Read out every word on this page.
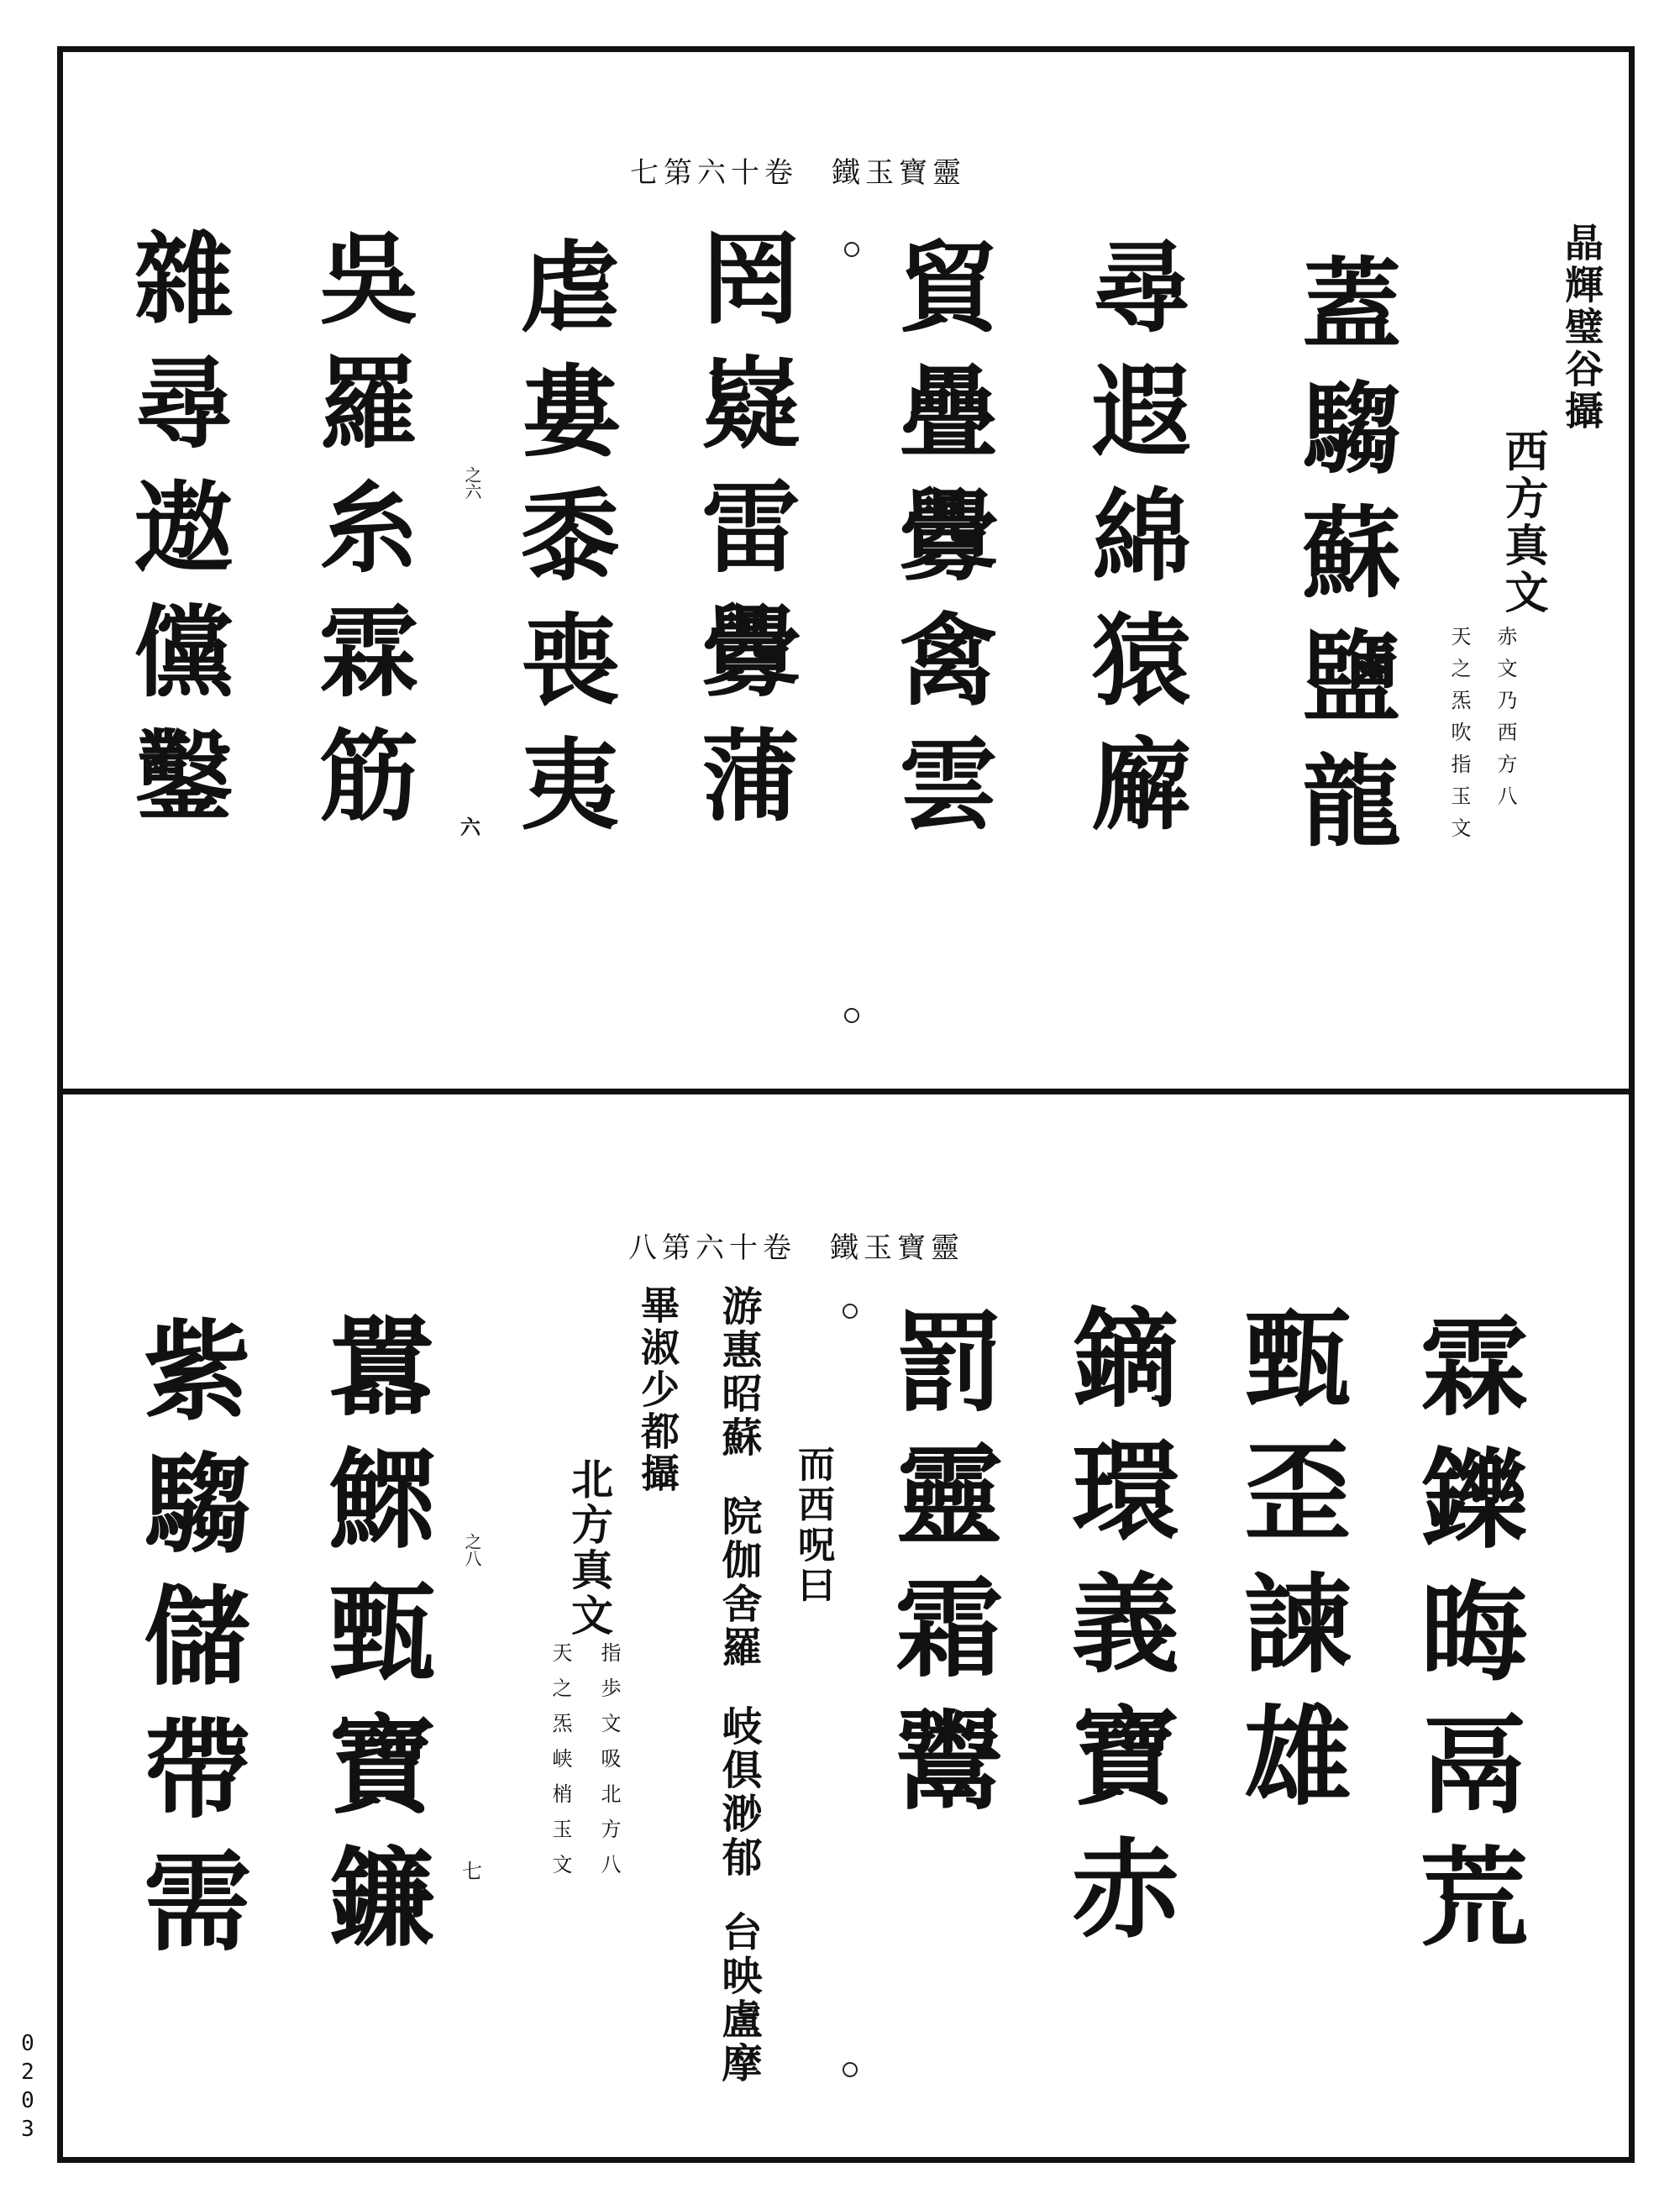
七第六十卷　鐵玉寶靈
晶輝璧谷攝
西方真文
赤文乃西方八
天之炁吹指玉文
蓋騶蘇鹽龍
尋遐綿猿廨
貿疊釁禽雲
罔嶷雷釁蒲
虐婁黍喪夷
吳羅糸霖筋
雜尋遨儻鑿	之六
六
八第六十卷　鐵玉寶靈
霖鑠晦鬲荒
甄歪諫雄
鏑環義寶赤
罰靈霜鬻
而西呪曰
游惠昭蘇
院伽舍羅
岐俱渺郁
台映盧摩
畢淑少都攝
北方真文
指歩文吸北方八
天之炁峡梢玉文
囂鰥甄寶鐮
紫騶儲帶需	之八
七
0203
